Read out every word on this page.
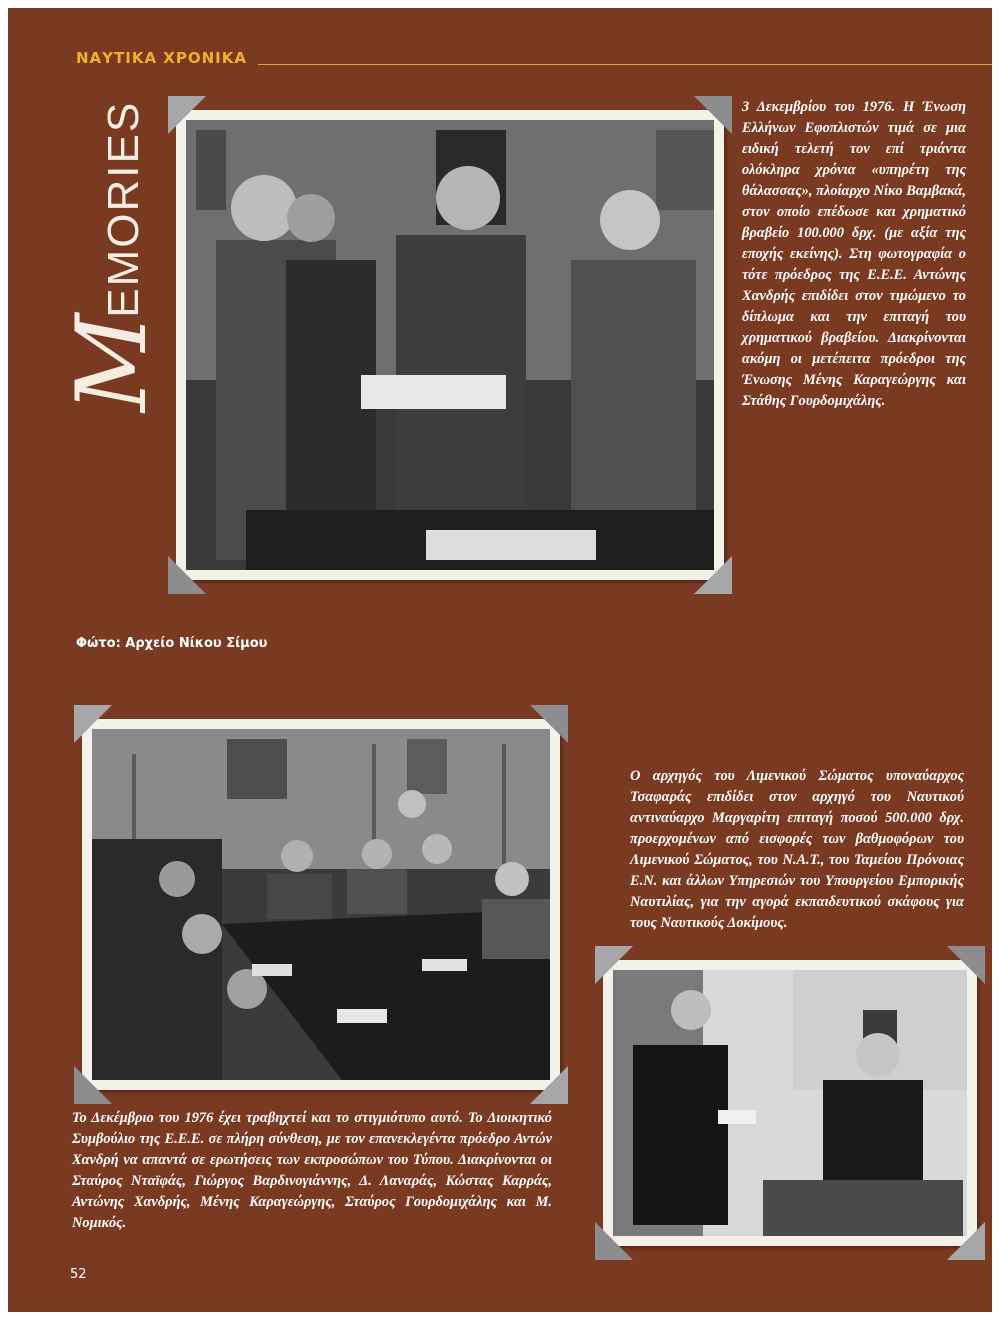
ΝΑΥΤΙΚΑ ΧΡΟΝΙΚΑ
M
EMORIES	3 Δεκεμβρίου του 1976. Η Ένωση Ελλήνων Εφοπλιστών τιμά σε μια ειδική τελετή τον επί τριάντα ολόκληρα χρόνια «υπηρέτη της θάλασσας», πλοίαρχο Νίκο Βαμβακά, στον οποίο επέδωσε και χρηματικό βραβείο 100.000 δρχ. (με αξία της εποχής εκείνης). Στη φωτογραφία ο τότε πρόεδρος της Ε.Ε.Ε. Αντώνης Χανδρής επιδίδει στον τιμώμενο το δίπλωμα και την επιταγή του χρηματικού βραβείου. Διακρίνονται ακόμη οι μετέπειτα πρόεδροι της Ένωσης Μένης Καραγεώργης και Στάθης Γουρδομιχάλης.
Φώτο: Αρχείο Νίκου Σίμου
Ο αρχηγός του Λιμενικού Σώματος υποναύαρχος Τσαφαράς επιδίδει στον αρχηγό του Ναυτικού αντιναύαρχο Μαργαρίτη επιταγή ποσού 500.000 δρχ. προερχομένων από εισφορές των βαθμοφόρων του Λιμενικού Σώματος, του Ν.Α.Τ., του Ταμείου Πρόνοιας Ε.Ν. και άλλων Υπηρεσιών του Υπουργείου Εμπορικής Ναυτιλίας, για την αγορά εκπαιδευτικού σκάφους για τους Ναυτικούς Δοκίμους.
Το Δεκέμβριο του 1976 έχει τραβηχτεί και το στιγμιότυπο αυτό. Το Διοικητικό Συμβούλιο της Ε.Ε.Ε. σε πλήρη σύνθεση, με τον επανεκλεγέντα πρόεδρο Αντών Χανδρή να απαντά σε ερωτήσεις των εκπροσώπων του Τύπου. Διακρίνονται οι Σταύρος Νταϊφάς, Γιώργος Βαρδινογιάννης, Δ. Λαναράς, Κώστας Καρράς, Αντώνης Χανδρής, Μένης Καραγεώργης, Σταύρος Γουρδομιχάλης και Μ. Νομικός.
52
